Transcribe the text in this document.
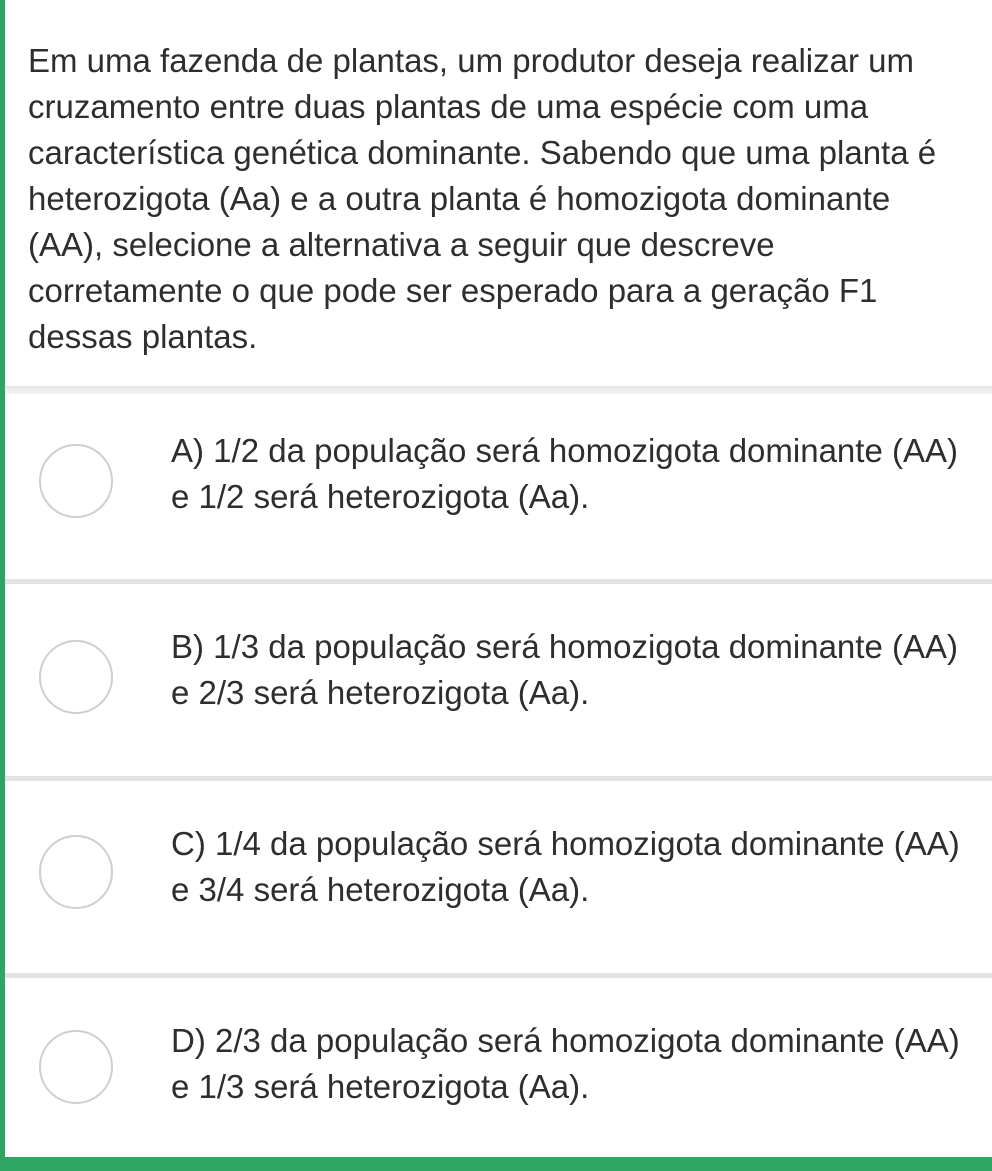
Em uma fazenda de plantas, um produtor deseja realizar um cruzamento entre duas plantas de uma espécie com uma característica genética dominante. Sabendo que uma planta é heterozigota (Aa) e a outra planta é homozigota dominante (AA), selecione a alternativa a seguir que descreve corretamente o que pode ser esperado para a geração F1 dessas plantas.

A) 1/2 da população será homozigota dominante (AA) e 1/2 será heterozigota (Aa).
B) 1/3 da população será homozigota dominante (AA) e 2/3 será heterozigota (Aa).
C) 1/4 da população será homozigota dominante (AA) e 3/4 será heterozigota (Aa).
D) 2/3 da população será homozigota dominante (AA) e 1/3 será heterozigota (Aa).
